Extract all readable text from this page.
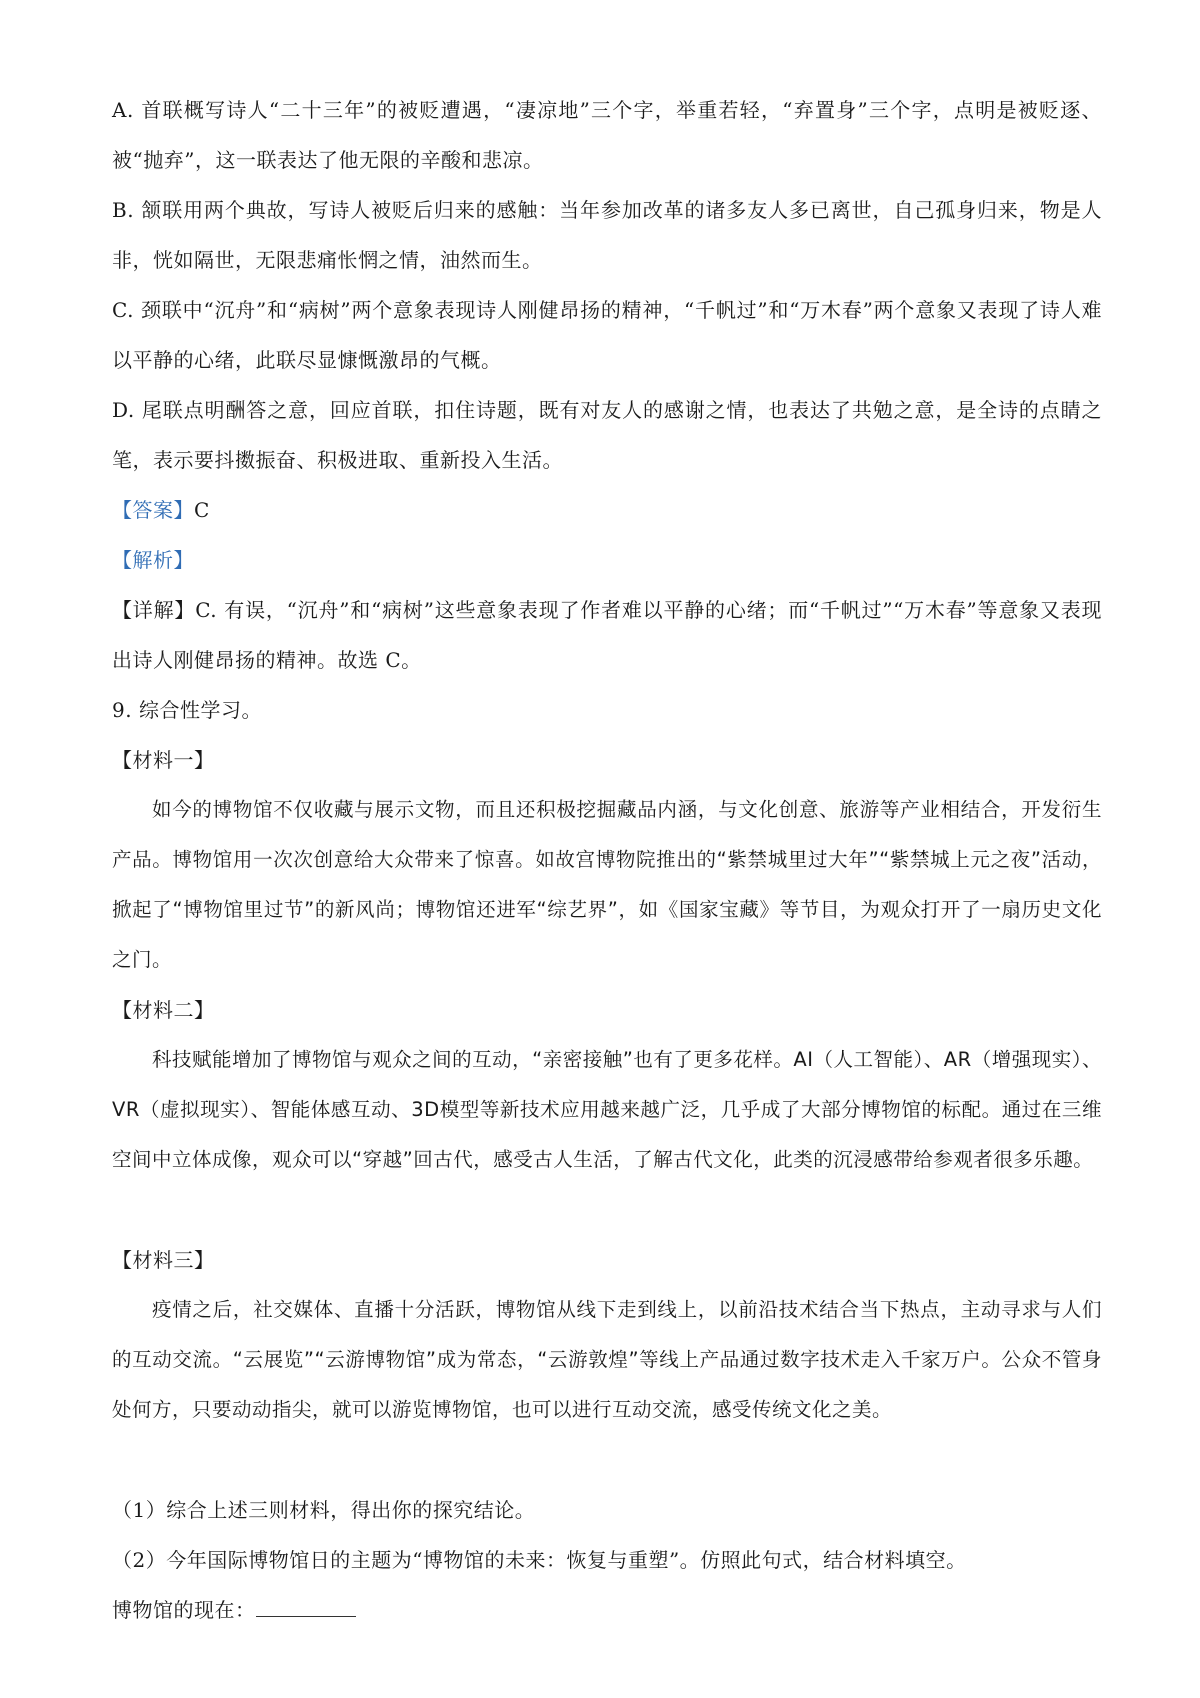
A. 首联概写诗人“二十三年”的被贬遭遇，“凄凉地”三个字，举重若轻，“弃置身”三个字，点明是被贬逐、被“抛弃”，这一联表达了他无限的辛酸和悲凉。

B. 颔联用两个典故，写诗人被贬后归来的感触：当年参加改革的诸多友人多已离世，自己孤身归来，物是人非，恍如隔世，无限悲痛怅惘之情，油然而生。

C. 颈联中“沉舟”和“病树”两个意象表现诗人刚健昂扬的精神，“千帆过”和“万木春”两个意象又表现了诗人难以平静的心绪，此联尽显慷慨激昂的气概。

D. 尾联点明酬答之意，回应首联，扣住诗题，既有对友人的感谢之情，也表达了共勉之意，是全诗的点睛之笔，表示要抖擞振奋、积极进取、重新投入生活。

【答案】C

【解析】

【详解】C. 有误，“沉舟”和“病树”这些意象表现了作者难以平静的心绪；而“千帆过”“万木春”等意象又表现出诗人刚健昂扬的精神。故选 C。

9. 综合性学习。

【材料一】

如今的博物馆不仅收藏与展示文物，而且还积极挖掘藏品内涵，与文化创意、旅游等产业相结合，开发衍生产品。博物馆用一次次创意给大众带来了惊喜。如故宫博物院推出的“紫禁城里过大年”“紫禁城上元之夜”活动，掀起了“博物馆里过节”的新风尚；博物馆还进军“综艺界”，如《国家宝藏》等节目，为观众打开了一扇历史文化之门。

【材料二】

科技赋能增加了博物馆与观众之间的互动，“亲密接触”也有了更多花样。AI（人工智能）、AR（增强现实）、VR（虚拟现实）、智能体感互动、3D模型等新技术应用越来越广泛，几乎成了大部分博物馆的标配。通过在三维空间中立体成像，观众可以“穿越”回古代，感受古人生活，了解古代文化，此类的沉浸感带给参观者很多乐趣。

【材料三】

疫情之后，社交媒体、直播十分活跃，博物馆从线下走到线上，以前沿技术结合当下热点，主动寻求与人们的互动交流。“云展览”“云游博物馆”成为常态，“云游敦煌”等线上产品通过数字技术走入千家万户。公众不管身处何方，只要动动指尖，就可以游览博物馆，也可以进行互动交流，感受传统文化之美。

（1）综合上述三则材料，得出你的探究结论。

（2）今年国际博物馆日的主题为“博物馆的未来：恢复与重塑”。仿照此句式，结合材料填空。

博物馆的现在：
